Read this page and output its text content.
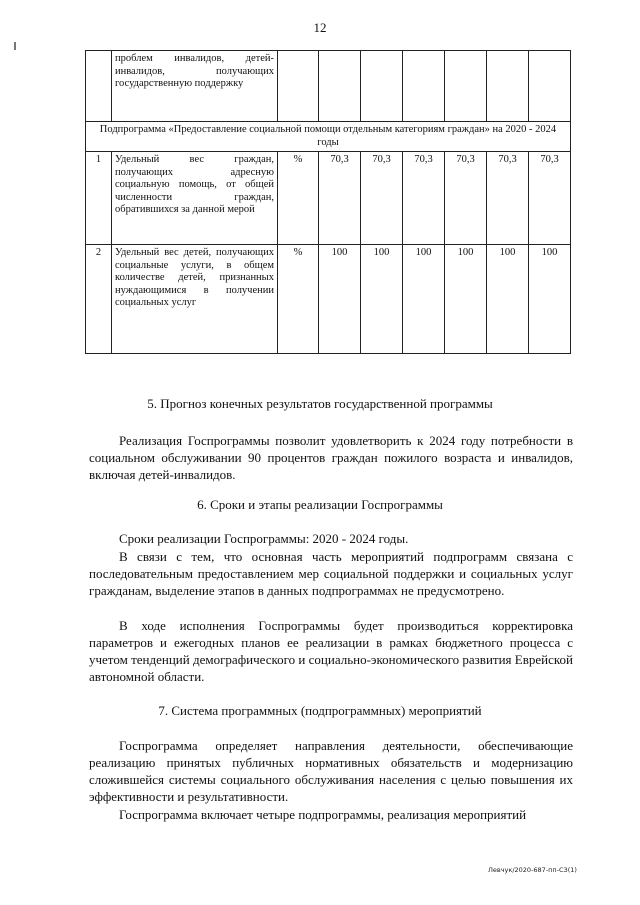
12
	проблем инвалидов, детей-инвалидов, получающих государственную поддержку							
Подпрограмма «Предоставление социальной помощи отдельным категориям граждан» на 2020 - 2024 годы								
1	Удельный вес граждан, получающих адресную социальную помощь, от общей численности граждан, обратившихся за данной мерой	%	70,3	70,3	70,3	70,3	70,3	70,3
2	Удельный вес детей, получающих социальные услуги, в общем количестве детей, признанных нуждающимися в получении социальных услуг	%	100	100	100	100	100	100
5. Прогноз конечных результатов государственной программы

Реализация Госпрограммы позволит удовлетворить к 2024 году потребности в социальном обслуживании 90 процентов граждан пожилого возраста и инвалидов, включая детей-инвалидов.

6. Сроки и этапы реализации Госпрограммы

Сроки реализации Госпрограммы: 2020 - 2024 годы.

В связи с тем, что основная часть мероприятий подпрограмм связана с последовательным предоставлением мер социальной поддержки и социальных услуг гражданам, выделение этапов в данных подпрограммах не предусмотрено.

В ходе исполнения Госпрограммы будет производиться корректировка параметров и ежегодных планов ее реализации в рамках бюджетного процесса с учетом тенденций демографического и социально-экономического развития Еврейской автономной области.

7. Система программных (подпрограммных) мероприятий

Госпрограмма определяет направления деятельности, обеспечивающие реализацию принятых публичных нормативных обязательств и модернизацию сложившейся системы социального обслуживания населения с целью повышения их эффективности и результативности.

Госпрограмма включает четыре подпрограммы, реализация мероприятий

Левчук/2020-687-пп-СЗ(1)
